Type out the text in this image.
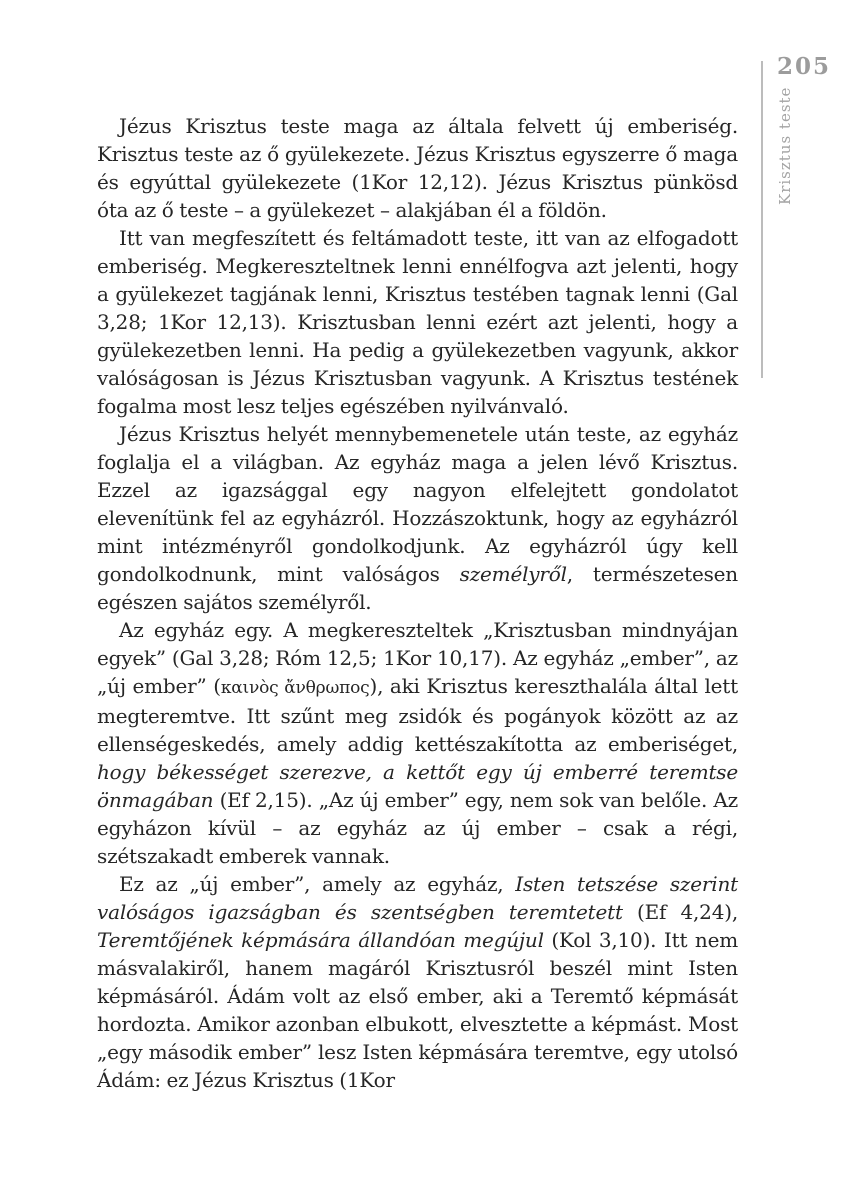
Jézus Krisztus teste maga az általa felvett új emberiség. Krisztus teste az ő gyülekezete. Jézus Krisztus egyszerre ő maga és egyúttal gyülekezete (1Kor 12,12). Jézus Krisztus pünkösd óta az ő teste – a gyülekezet – alakjában él a földön.

Itt van megfeszített és feltámadott teste, itt van az elfogadott emberiség. Megkereszteltnek lenni ennélfogva azt jelenti, hogy a gyülekezet tagjának lenni, Krisztus testében tagnak lenni (Gal 3,28; 1Kor 12,13). Krisztusban lenni ezért azt jelenti, hogy a gyülekezetben lenni. Ha pedig a gyülekezetben vagyunk, akkor valóságosan is Jézus Krisztusban vagyunk. A Krisztus testének fogalma most lesz teljes egészében nyilvánvaló.

Jézus Krisztus helyét mennybemenetele után teste, az egyház foglalja el a világban. Az egyház maga a jelen lévő Krisztus. Ezzel az igazsággal egy nagyon elfelejtett gondolatot elevenítünk fel az egyházról. Hozzászoktunk, hogy az egyházról mint intézményről gondolkodjunk. Az egyházról úgy kell gondolkodnunk, mint valóságos személyről, természetesen egészen sajátos személyről.

Az egyház egy. A megkereszteltek „Krisztusban mindnyájan egyek” (Gal 3,28; Róm 12,5; 1Kor 10,17). Az egyház „ember”, az „új ember” (καινὸς ἄνθρωπος), aki Krisztus kereszthalála által lett megteremtve. Itt szűnt meg zsidók és pogányok között az az ellenségeskedés, amely addig kettészakította az emberiséget, hogy békességet szerezve, a kettőt egy új emberré teremtse önmagában (Ef 2,15). „Az új ember” egy, nem sok van belőle. Az egyházon kívül – az egyház az új ember – csak a régi, szétszakadt emberek vannak.

Ez az „új ember”, amely az egyház, Isten tetszése szerint valóságos igazságban és szentségben teremtetett (Ef 4,24), Teremtőjének képmására állandóan megújul (Kol 3,10). Itt nem másvalakiről, hanem magáról Krisztusról beszél mint Isten képmásáról. Ádám volt az első ember, aki a Teremtő képmását hordozta. Amikor azonban elbukott, elvesztette a képmást. Most „egy második ember” lesz Isten képmására teremtve, egy utolsó Ádám: ez Jézus Krisztus (1Kor

205
Krisztus teste
